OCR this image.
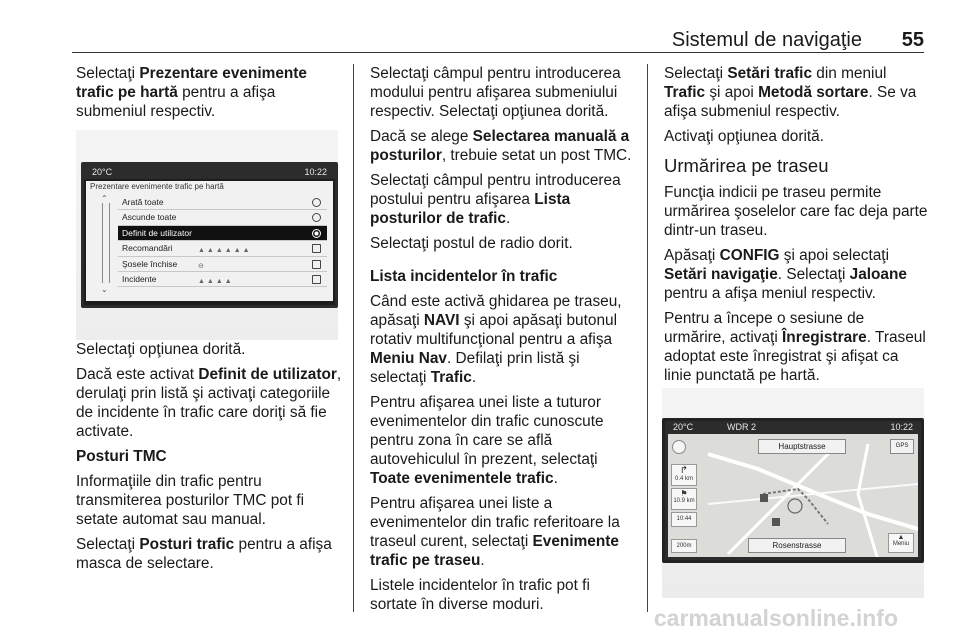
Sistemul de navigaţie 55

Selectaţi Prezentare evenimente trafic pe hartă pentru a afişa submeniul respectiv.

Selectaţi opţiunea dorită.

Dacă este activat Definit de utilizator, derulaţi prin listă şi activaţi categoriile de incidente în trafic care doriţi să fie activate.

Posturi TMC

Informaţiile din trafic pentru transmiterea posturilor TMC pot fi setate automat sau manual.

Selectaţi Posturi trafic pentru a afişa masca de selectare.

20°C	10:22
Prezentare evenimente trafic pe hartă
⌃
⌄
Arată toate
Ascunde toate
Definit de utilizator
Recomandări	▲▲▲▲▲▲
Şosele închise	⊖
Incidente	▲▲▲▲

Selectaţi câmpul pentru introducerea modului pentru afişarea submeniului respectiv. Selectaţi opţiunea dorită.

Dacă se alege Selectarea manuală a posturilor, trebuie setat un post TMC.

Selectaţi câmpul pentru introducerea postului pentru afişarea Lista posturilor de trafic.

Selectaţi postul de radio dorit.

Lista incidentelor în trafic

Când este activă ghidarea pe traseu, apăsaţi NAVI şi apoi apăsaţi butonul rotativ multifuncţional pentru a afişa Meniu Nav. Defilaţi prin listă şi selectaţi Trafic.

Pentru afişarea unei liste a tuturor evenimentelor din trafic cunoscute pentru zona în care se află autovehiculul în prezent, selectaţi Toate evenimentele trafic.

Pentru afişarea unei liste a evenimentelor din trafic referitoare la traseul curent, selectaţi Evenimente trafic pe traseu.

Listele incidentelor în trafic pot fi sortate în diverse moduri.

Selectaţi Setări trafic din meniul Trafic şi apoi Metodă sortare. Se va afişa submeniul respectiv.

Activaţi opţiunea dorită.

Urmărirea pe traseu

Funcţia indicii pe traseu permite urmărirea şoselelor care fac deja parte dintr-un traseu.

Apăsaţi CONFIG şi apoi selectaţi Setări navigaţie. Selectaţi Jaloane pentru a afişa meniul respectiv.

Pentru a începe o sesiune de urmărire, activaţi Înregistrare. Traseul adoptat este înregistrat şi afişat ca linie punctată pe hartă.

20°C	WDR 2	10:22
Hauptstrasse	GPS
Rosenstrasse
↱
0.4 km
⚑
10.9 km
10:44
200m
▲
Meniu
carmanualsonline.info
